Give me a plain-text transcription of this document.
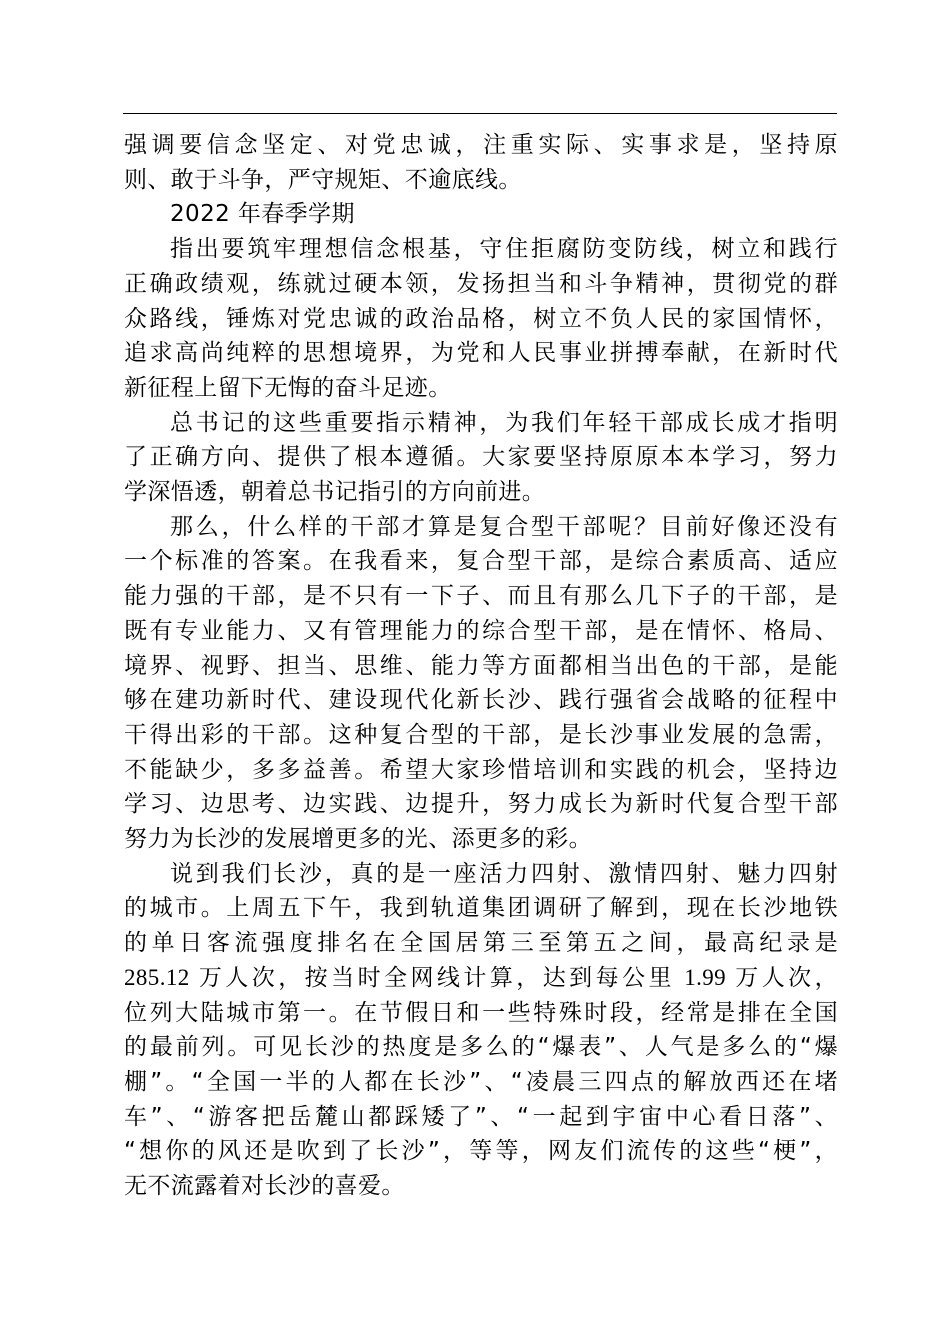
强调要信念坚定、对党忠诚，注重实际、实事求是，坚持原
则、敢于斗争，严守规矩、不逾底线。

2022 年春季学期

指出要筑牢理想信念根基，守住拒腐防变防线，树立和践行
正确政绩观，练就过硬本领，发扬担当和斗争精神，贯彻党的群
众路线，锤炼对党忠诚的政治品格，树立不负人民的家国情怀，
追求高尚纯粹的思想境界，为党和人民事业拼搏奉献，在新时代
新征程上留下无悔的奋斗足迹。

总书记的这些重要指示精神，为我们年轻干部成长成才指明
了正确方向、提供了根本遵循。大家要坚持原原本本学习，努力
学深悟透，朝着总书记指引的方向前进。

那么，什么样的干部才算是复合型干部呢？目前好像还没有
一个标准的答案。在我看来，复合型干部，是综合素质高、适应
能力强的干部，是不只有一下子、而且有那么几下子的干部，是
既有专业能力、又有管理能力的综合型干部，是在情怀、格局、
境界、视野、担当、思维、能力等方面都相当出色的干部，是能
够在建功新时代、建设现代化新长沙、践行强省会战略的征程中
干得出彩的干部。这种复合型的干部，是长沙事业发展的急需，
不能缺少，多多益善。希望大家珍惜培训和实践的机会，坚持边
学习、边思考、边实践、边提升，努力成长为新时代复合型干部
努力为长沙的发展增更多的光、添更多的彩。

说到我们长沙，真的是一座活力四射、激情四射、魅力四射
的城市。上周五下午，我到轨道集团调研了解到，现在长沙地铁
的单日客流强度排名在全国居第三至第五之间，最高纪录是
285.12 万人次，按当时全网线计算，达到每公里 1.99 万人次，
位列大陆城市第一。在节假日和一些特殊时段，经常是排在全国
的最前列。可见长沙的热度是多么的“爆表”、人气是多么的“爆
棚”。“全国一半的人都在长沙”、“凌晨三四点的解放西还在堵
车”、“游客把岳麓山都踩矮了”、“一起到宇宙中心看日落”、
“想你的风还是吹到了长沙”，等等，网友们流传的这些“梗”，
无不流露着对长沙的喜爱。
